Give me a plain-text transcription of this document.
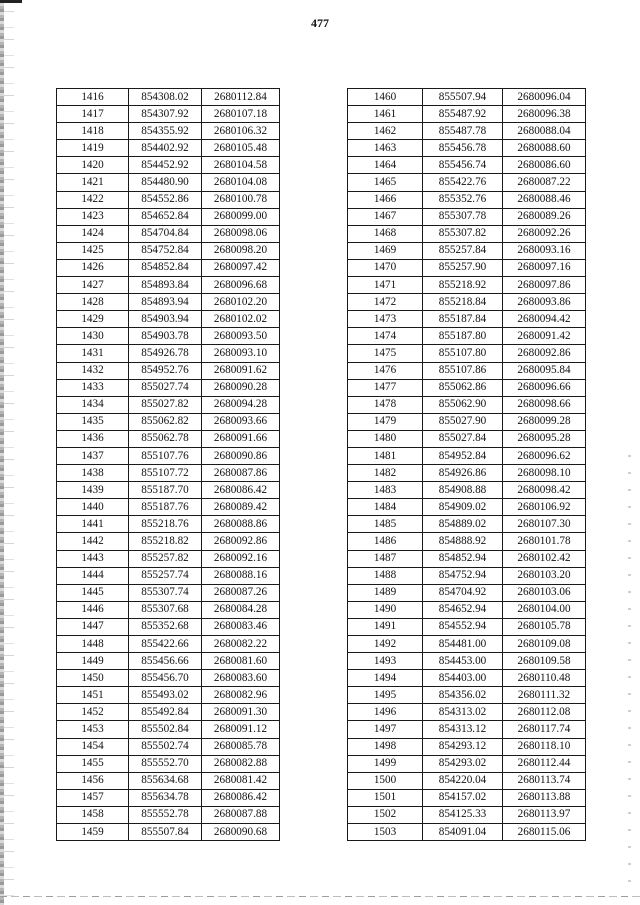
477
1416	854308.02	2680112.84
1417	854307.92	2680107.18
1418	854355.92	2680106.32
1419	854402.92	2680105.48
1420	854452.92	2680104.58
1421	854480.90	2680104.08
1422	854552.86	2680100.78
1423	854652.84	2680099.00
1424	854704.84	2680098.06
1425	854752.84	2680098.20
1426	854852.84	2680097.42
1427	854893.84	2680096.68
1428	854893.94	2680102.20
1429	854903.94	2680102.02
1430	854903.78	2680093.50
1431	854926.78	2680093.10
1432	854952.76	2680091.62
1433	855027.74	2680090.28
1434	855027.82	2680094.28
1435	855062.82	2680093.66
1436	855062.78	2680091.66
1437	855107.76	2680090.86
1438	855107.72	2680087.86
1439	855187.70	2680086.42
1440	855187.76	2680089.42
1441	855218.76	2680088.86
1442	855218.82	2680092.86
1443	855257.82	2680092.16
1444	855257.74	2680088.16
1445	855307.74	2680087.26
1446	855307.68	2680084.28
1447	855352.68	2680083.46
1448	855422.66	2680082.22
1449	855456.66	2680081.60
1450	855456.70	2680083.60
1451	855493.02	2680082.96
1452	855492.84	2680091.30
1453	855502.84	2680091.12
1454	855502.74	2680085.78
1455	855552.70	2680082.88
1456	855634.68	2680081.42
1457	855634.78	2680086.42
1458	855552.78	2680087.88
1459	855507.84	2680090.68
1460	855507.94	2680096.04
1461	855487.92	2680096.38
1462	855487.78	2680088.04
1463	855456.78	2680088.60
1464	855456.74	2680086.60
1465	855422.76	2680087.22
1466	855352.76	2680088.46
1467	855307.78	2680089.26
1468	855307.82	2680092.26
1469	855257.84	2680093.16
1470	855257.90	2680097.16
1471	855218.92	2680097.86
1472	855218.84	2680093.86
1473	855187.84	2680094.42
1474	855187.80	2680091.42
1475	855107.80	2680092.86
1476	855107.86	2680095.84
1477	855062.86	2680096.66
1478	855062.90	2680098.66
1479	855027.90	2680099.28
1480	855027.84	2680095.28
1481	854952.84	2680096.62
1482	854926.86	2680098.10
1483	854908.88	2680098.42
1484	854909.02	2680106.92
1485	854889.02	2680107.30
1486	854888.92	2680101.78
1487	854852.94	2680102.42
1488	854752.94	2680103.20
1489	854704.92	2680103.06
1490	854652.94	2680104.00
1491	854552.94	2680105.78
1492	854481.00	2680109.08
1493	854453.00	2680109.58
1494	854403.00	2680110.48
1495	854356.02	2680111.32
1496	854313.02	2680112.08
1497	854313.12	2680117.74
1498	854293.12	2680118.10
1499	854293.02	2680112.44
1500	854220.04	2680113.74
1501	854157.02	2680113.88
1502	854125.33	2680113.97
1503	854091.04	2680115.06
